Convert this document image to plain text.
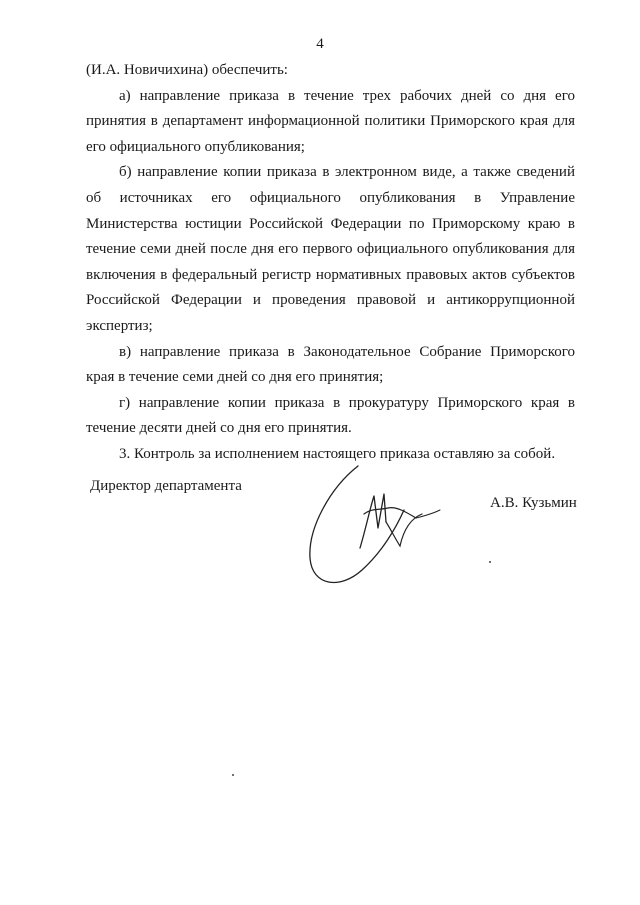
4

(И.А. Новичихина) обеспечить:

а) направление приказа в течение трех рабочих дней со дня его принятия в департамент информационной политики Приморского края для его официального опубликования;

б) направление копии приказа в электронном виде, а также сведений об источниках его официального опубликования в Управление Министерства юстиции Российской Федерации по Приморскому краю в течение семи дней после дня его первого официального опубликования для включения в федеральный регистр нормативных правовых актов субъектов Российской Федерации и проведения правовой и антикоррупционной экспертиз;

в) направление приказа в Законодательное Собрание Приморского края в течение семи дней со дня его принятия;

г) направление копии приказа в прокуратуру Приморского края в течение десяти дней со дня его принятия.

3. Контроль за исполнением настоящего приказа оставляю за собой.

Директор департамента
А.В. Кузьмин
